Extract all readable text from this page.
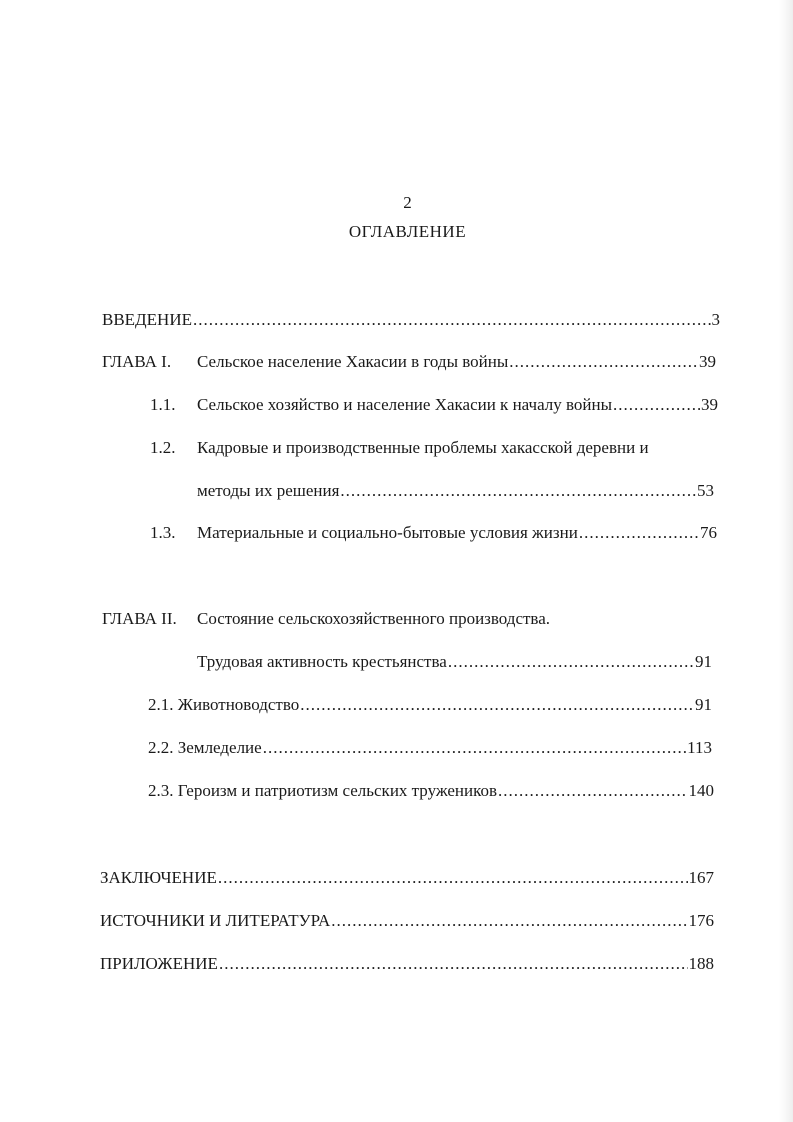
2
ОГЛАВЛЕНИЕ
ВВЕДЕНИЕ .....	3
ГЛАВА I.	Сельское население Хакасии в годы войны .....	39
1.1.	Сельское хозяйство и население Хакасии к началу войны .....	39
1.2.	Кадровые и производственные проблемы хакасской деревни и
методы их решения .....	53
1.3.	Материальные и социально-бытовые условия жизни .....	76
ГЛАВА II.	Состояние сельскохозяйственного производства.
Трудовая активность крестьянства .....	91
2.1. Животноводство .....	91
2.2. Земледелие .....	113
2.3. Героизм и патриотизм сельских тружеников .....	140
ЗАКЛЮЧЕНИЕ .....	167
ИСТОЧНИКИ И ЛИТЕРАТУРА .....	176
ПРИЛОЖЕНИЕ .....	188
